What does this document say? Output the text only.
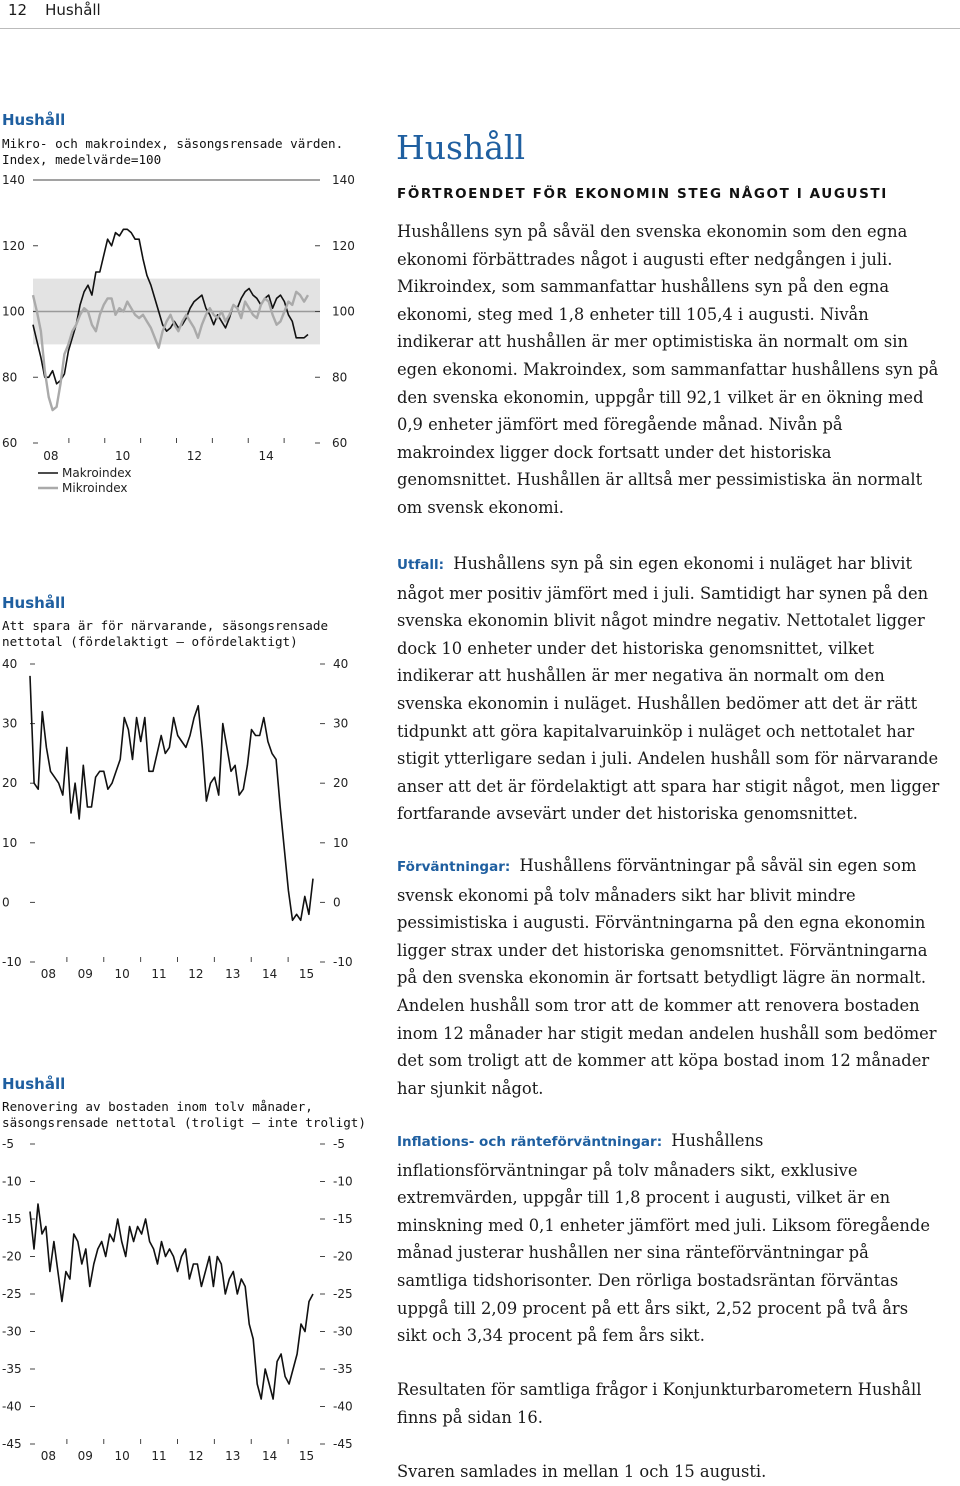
12 Hushåll
Hushåll
Mikro- och makroindex, säsongsrensade värden.
Index, medelvärde=100
140	140
120	120
100	100
80	80
60	60
08	10	12	14
Makroindex
Mikroindex
Hushåll
Att spara är för närvarande, säsongsrensade
nettotal (fördelaktigt – ofördelaktigt)
40	40
30	30
20	20
10	10
0	0
-10	-10
08 09 10 11 12 13 14 15
Hushåll
Renovering av bostaden inom tolv månader,
säsongsrensade nettotal (troligt – inte troligt)
-5	-5
-10	-10
-15	-15
-20	-20
-25	-25
-30	-30
-35	-35
-40	-40
-45	-45
08 09 10 11 12 13 14 15
Hushåll
FÖRTROENDET FÖR EKONOMIN STEG NÅGOT I AUGUSTI

Hushållens syn på såväl den svenska ekonomin som den egna ekonomi förbättrades något i augusti efter nedgången i juli. Mikroindex, som sammanfattar hushållens syn på den egna ekonomi, steg med 1,8 enheter till 105,4 i augusti. Nivån indikerar att hushållen är mer optimistiska än normalt om sin egen ekonomi. Makroindex, som sammanfattar hushållens syn på den svenska ekonomin, uppgår till 92,1 vilket är en ökning med 0,9 enheter jämfört med föregående månad. Nivån på makroindex ligger dock fortsatt under det historiska genomsnittet. Hushållen är alltså mer pessimistiska än normalt om svensk ekonomi.

Utfall: Hushållens syn på sin egen ekonomi i nuläget har blivit något mer positiv jämfört med i juli. Samtidigt har synen på den svenska ekonomin blivit något mindre negativ. Nettotalet ligger dock 10 enheter under det historiska genomsnittet, vilket indikerar att hushållen är mer negativa än normalt om den svenska ekonomin i nuläget. Hushållen bedömer att det är rätt tidpunkt att göra kapitalvaruinköp i nuläget och nettotalet har stigit ytterligare sedan i juli. Andelen hushåll som för närvarande anser att det är fördelaktigt att spara har stigit något, men ligger fortfarande avsevärt under det historiska genomsnittet.

Förväntningar: Hushållens förväntningar på såväl sin egen som svensk ekonomi på tolv månaders sikt har blivit mindre pessimistiska i augusti. Förväntningarna på den egna ekonomin ligger strax under det historiska genomsnittet. Förväntningarna på den svenska ekonomin är fortsatt betydligt lägre än normalt. Andelen hushåll som tror att de kommer att renovera bostaden inom 12 månader har stigit medan andelen hushåll som bedömer det som troligt att de kommer att köpa bostad inom 12 månader har sjunkit något.

Inflations- och ränteförväntningar: Hushållens inflationsförväntningar på tolv månaders sikt, exklusive extremvärden, uppgår till 1,8 procent i augusti, vilket är en minskning med 0,1 enheter jämfört med juli. Liksom föregående månad justerar hushållen ner sina ränteförväntningar på samtliga tidshorisonter. Den rörliga bostadsräntan förväntas uppgå till 2,09 procent på ett års sikt, 2,52 procent på två års sikt och 3,34 procent på fem års sikt.

Resultaten för samtliga frågor i Konjunkturbarometern Hushåll finns på sidan 16.

Svaren samlades in mellan 1 och 15 augusti.
